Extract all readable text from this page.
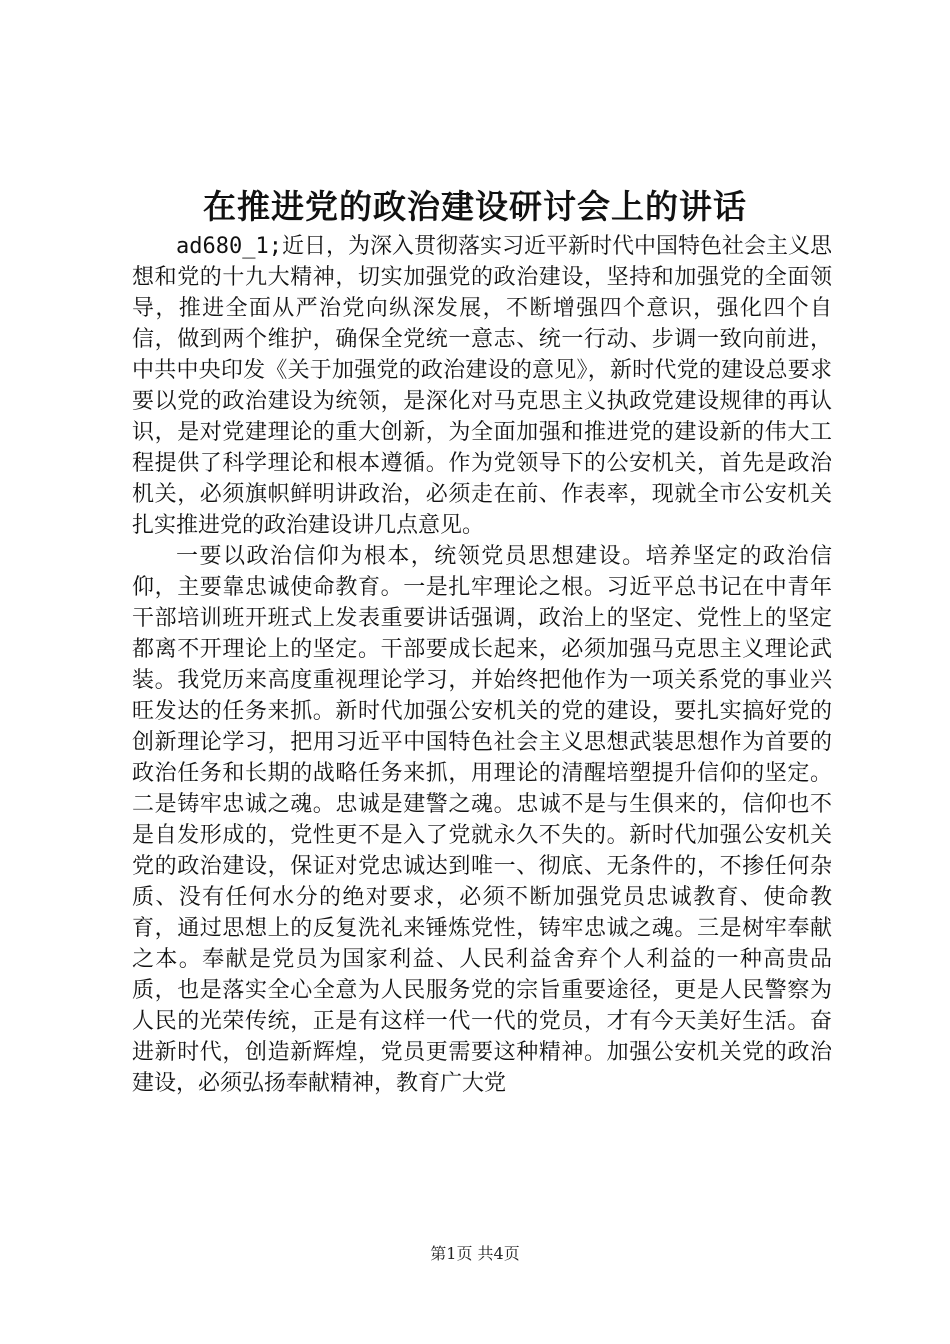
在推进党的政治建设研讨会上的讲话

ad680_1;近日，为深入贯彻落实习近平新时代中国特色社会主义思想和党的十九大精神，切实加强党的政治建设，坚持和加强党的全面领导，推进全面从严治党向纵深发展，不断增强四个意识，强化四个自信，做到两个维护，确保全党统一意志、统一行动、步调一致向前进，中共中央印发《关于加强党的政治建设的意见》，新时代党的建设总要求要以党的政治建设为统领，是深化对马克思主义执政党建设规律的再认识，是对党建理论的重大创新，为全面加强和推进党的建设新的伟大工程提供了科学理论和根本遵循。作为党领导下的公安机关，首先是政治机关，必须旗帜鲜明讲政治，必须走在前、作表率，现就全市公安机关扎实推进党的政治建设讲几点意见。

一要以政治信仰为根本，统领党员思想建设。培养坚定的政治信仰，主要靠忠诚使命教育。一是扎牢理论之根。习近平总书记在中青年干部培训班开班式上发表重要讲话强调，政治上的坚定、党性上的坚定都离不开理论上的坚定。干部要成长起来，必须加强马克思主义理论武装。我党历来高度重视理论学习，并始终把他作为一项关系党的事业兴旺发达的任务来抓。新时代加强公安机关的党的建设，要扎实搞好党的创新理论学习，把用习近平中国特色社会主义思想武装思想作为首要的政治任务和长期的战略任务来抓，用理论的清醒培塑提升信仰的坚定。二是铸牢忠诚之魂。忠诚是建警之魂。忠诚不是与生俱来的，信仰也不是自发形成的，党性更不是入了党就永久不失的。新时代加强公安机关党的政治建设，保证对党忠诚达到唯一、彻底、无条件的，不掺任何杂质、没有任何水分的绝对要求，必须不断加强党员忠诚教育、使命教育，通过思想上的反复洗礼来锤炼党性，铸牢忠诚之魂。三是树牢奉献之本。奉献是党员为国家利益、人民利益舍弃个人利益的一种高贵品质，也是落实全心全意为人民服务党的宗旨重要途径，更是人民警察为人民的光荣传统，正是有这样一代一代的党员，才有今天美好生活。奋进新时代，创造新辉煌，党员更需要这种精神。加强公安机关党的政治建设，必须弘扬奉献精神，教育广大党

第1页 共4页
